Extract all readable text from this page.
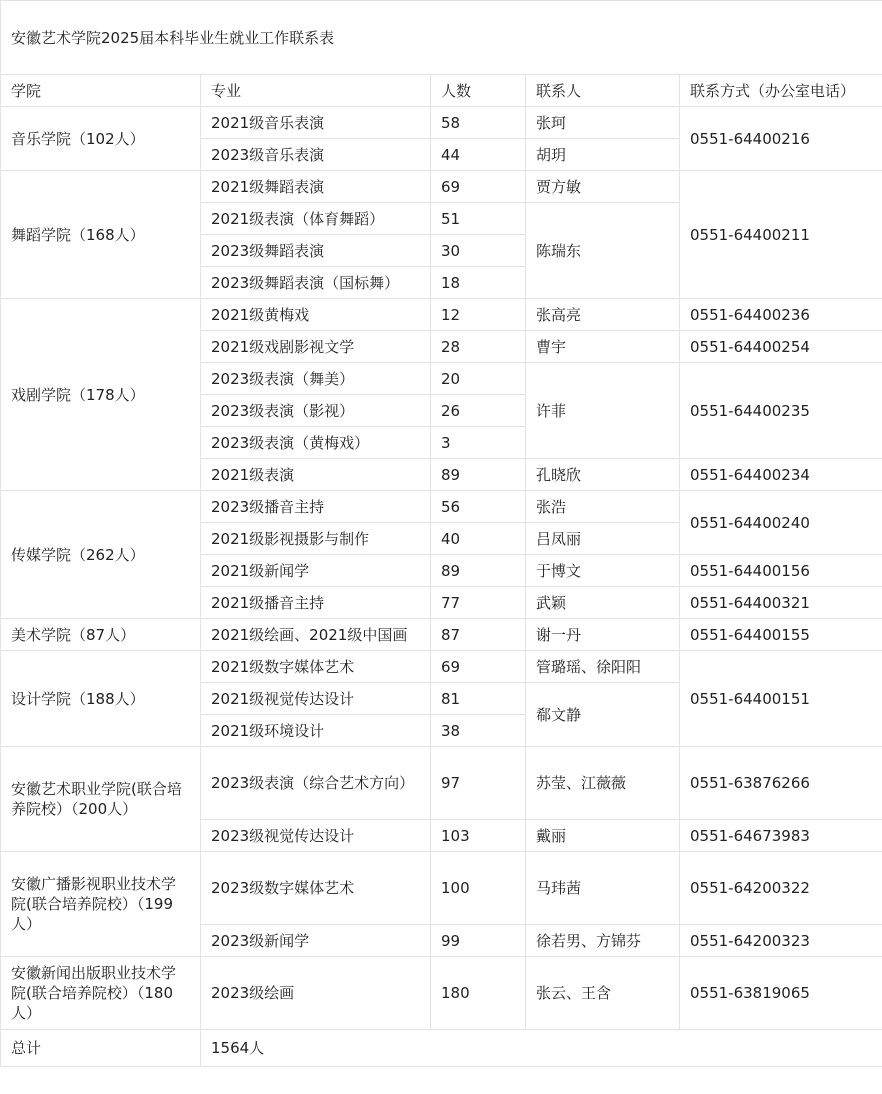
安徽艺术学院2025届本科毕业生就业工作联系表				
学院	专业	人数	联系人	联系方式（办公室电话）
音乐学院（102人）	2021级音乐表演	58	张珂	0551-64400216
	2023级音乐表演	44	胡玥	
舞蹈学院（168人）	2021级舞蹈表演	69	贾方敏	0551-64400211
	2021级表演（体育舞蹈）	51	陈瑞东	
	2023级舞蹈表演	30		
	2023级舞蹈表演（国标舞）	18		
戏剧学院（178人）	2021级黄梅戏	12	张高亮	0551-64400236
	2021级戏剧影视文学	28	曹宇	0551-64400254
	2023级表演（舞美）	20	许菲	0551-64400235
	2023级表演（影视）	26		
	2023级表演（黄梅戏）	3		
	2021级表演	89	孔晓欣	0551-64400234
传媒学院（262人）	2023级播音主持	56	张浩	0551-64400240
	2021级影视摄影与制作	40	吕凤丽	
	2021级新闻学	89	于博文	0551-64400156
	2021级播音主持	77	武颖	0551-64400321
美术学院（87人）	2021级绘画、2021级中国画	87	谢一丹	0551-64400155
设计学院（188人）	2021级数字媒体艺术	69	管璐瑶、徐阳阳	0551-64400151
	2021级视觉传达设计	81	郗文静	
	2021级环境设计	38		
安徽艺术职业学院(联合培养院校）（200人）	2023级表演（综合艺术方向）	97	苏莹、江薇薇	0551-63876266
	2023级视觉传达设计	103	戴丽	0551-64673983
安徽广播影视职业技术学院(联合培养院校）（199人）	2023级数字媒体艺术	100	马玮茜	0551-64200322
	2023级新闻学	99	徐若男、方锦芬	0551-64200323
安徽新闻出版职业技术学院(联合培养院校）（180人）	2023级绘画	180	张云、王含	0551-63819065
总计	1564人			
